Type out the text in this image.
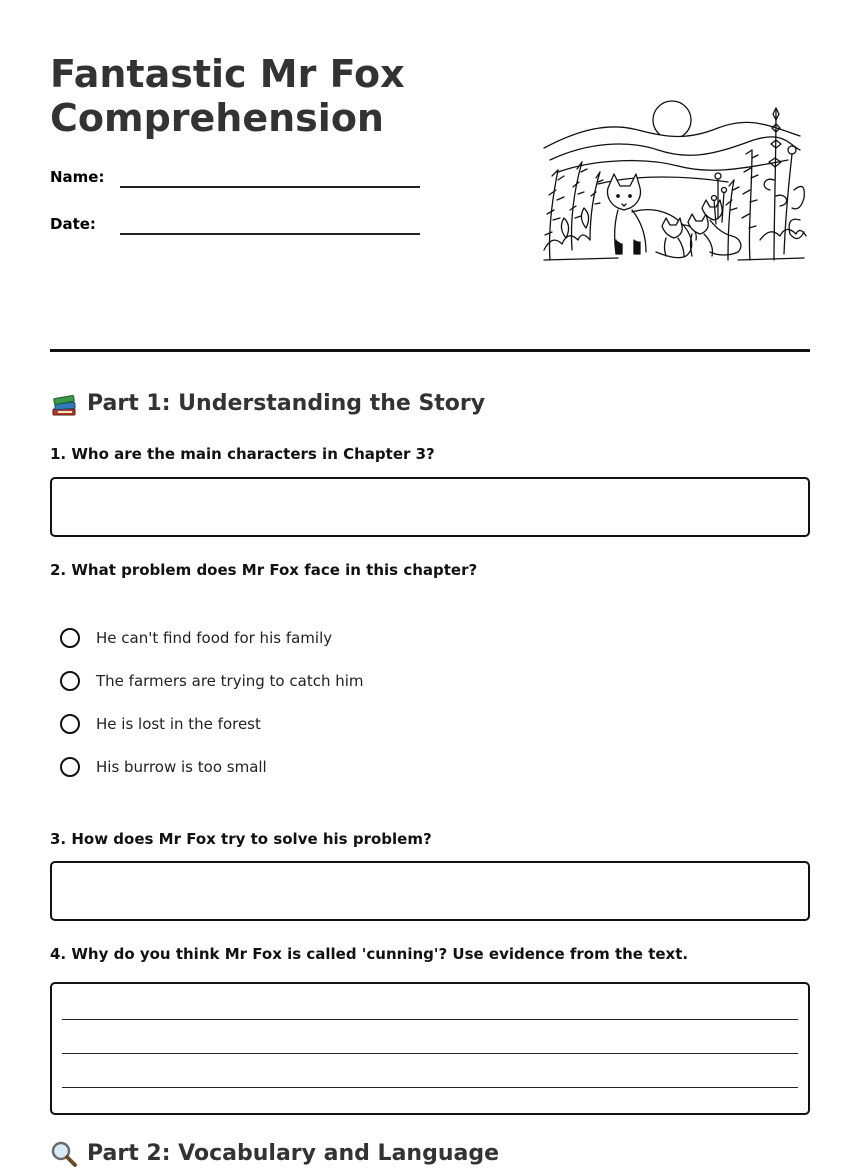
Fantastic Mr Fox
Comprehension
Name:
Date:
Part 1: Understanding the Story
1. Who are the main characters in Chapter 3?
2. What problem does Mr Fox face in this chapter?
He can't find food for his family
The farmers are trying to catch him
He is lost in the forest
His burrow is too small
3. How does Mr Fox try to solve his problem?
4. Why do you think Mr Fox is called 'cunning'? Use evidence from the text.
Part 2: Vocabulary and Language
